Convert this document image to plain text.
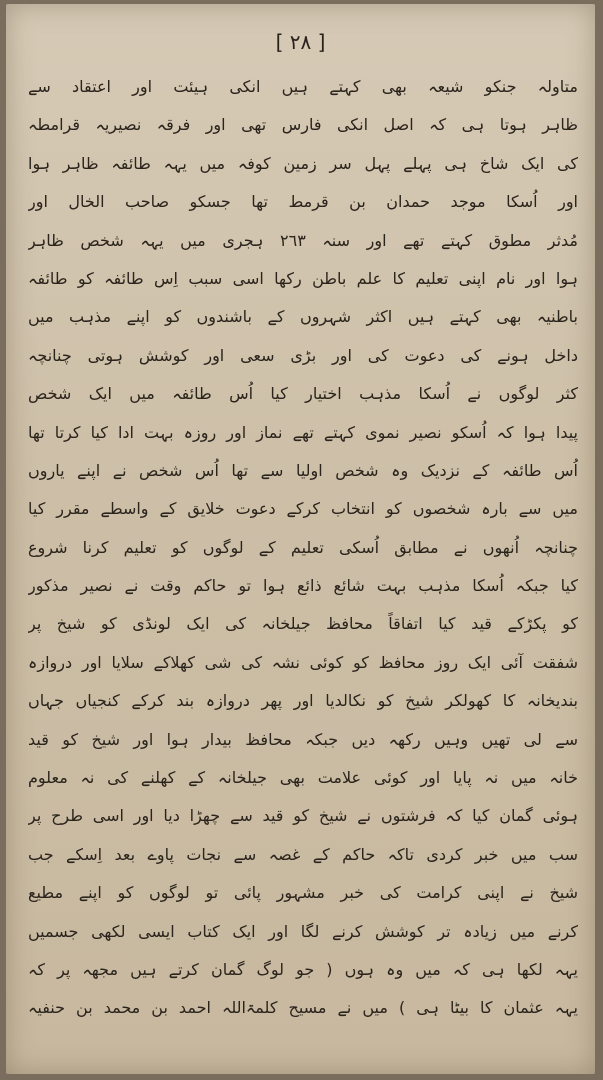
[ ٢٨ ]
متاولہ جنکو شیعہ بھی کہتے ہیں انکی ہیئت اور اعتقاد سے
ظاہر ہوتا ہی کہ اصل انکی فارس تھی اور فرقہ نصیریہ قرامطہ
کی ایک شاخ ہی پہلے پہل سر زمین کوفہ میں یہہ طائفہ ظاہر ہوا
اور اُسکا موجد حمدان بن قرمط تھا جسکو صاحب الخال اور
مُدثر مطوق کہتے تھے اور سنہ ٢٦٣ ہجری میں یہہ شخص ظاہر
ہوا اور نام اپنی تعلیم کا علم باطن رکھا اسی سبب اِس طائفہ کو طائفہ
باطنیہ بھی کہتے ہیں اکثر شہروں کے باشندوں کو اپنے مذہب میں
داخل ہونے کی دعوت کی اور بڑی سعی اور کوشش ہوتی چنانچہ
کثر لوگوں نے اُسکا مذہب اختیار کیا اُس طائفہ میں ایک شخص
پیدا ہوا کہ اُسکو نصیر نموی کہتے تھے نماز اور روزہ بہت ادا کیا کرتا تھا
اُس طائفہ کے نزدیک وہ شخص اولیا سے تھا اُس شخص نے اپنے یاروں
میں سے بارہ شخصوں کو انتخاب کرکے دعوت خلایق کے واسطے مقرر کیا
چنانچہ اُنھوں نے مطابق اُسکی تعلیم کے لوگوں کو تعلیم کرنا شروع
کیا جبکہ اُسکا مذہب بہت شائع ذائع ہوا تو حاکم وقت نے نصیر مذکور
کو پکڑکے قید کیا اتفاقاً محافظ جیلخانہ کی ایک لونڈی کو شیخ پر
شفقت آئی ایک روز محافظ کو کوئی نشہ کی شی کھلاکے سلایا اور دروازہ
بندیخانہ کا کھولکر شیخ کو نکالدیا اور پھر دروازہ بند کرکے کنجیاں جہاں
سے لی تھیں وہیں رکھہ دیں جبکہ محافظ بیدار ہوا اور شیخ کو قید
خانہ میں نہ پایا اور کوئی علامت بھی جیلخانہ کے کھلنے کی نہ معلوم
ہوئی گمان کیا کہ فرشتوں نے شیخ کو قید سے چھڑا دیا اور اسی طرح پر
سب میں خبر کردی تاکہ حاکم کے غصہ سے نجات پاوے بعد اِسکے جب
شیخ نے اپنی کرامت کی خبر مشہور پائی تو لوگوں کو اپنے مطیع
کرنے میں زیادہ تر کوشش کرنے لگا اور ایک کتاب ایسی لکھی جسمیں
یہہ لکھا ہی کہ میں وہ ہوں ( جو لوگ گمان کرتے ہیں مجھہ پر کہ
یہہ عثمان کا بیٹا ہی ) میں نے مسیح کلمۃاللہ احمد بن محمد بن حنفیہ
